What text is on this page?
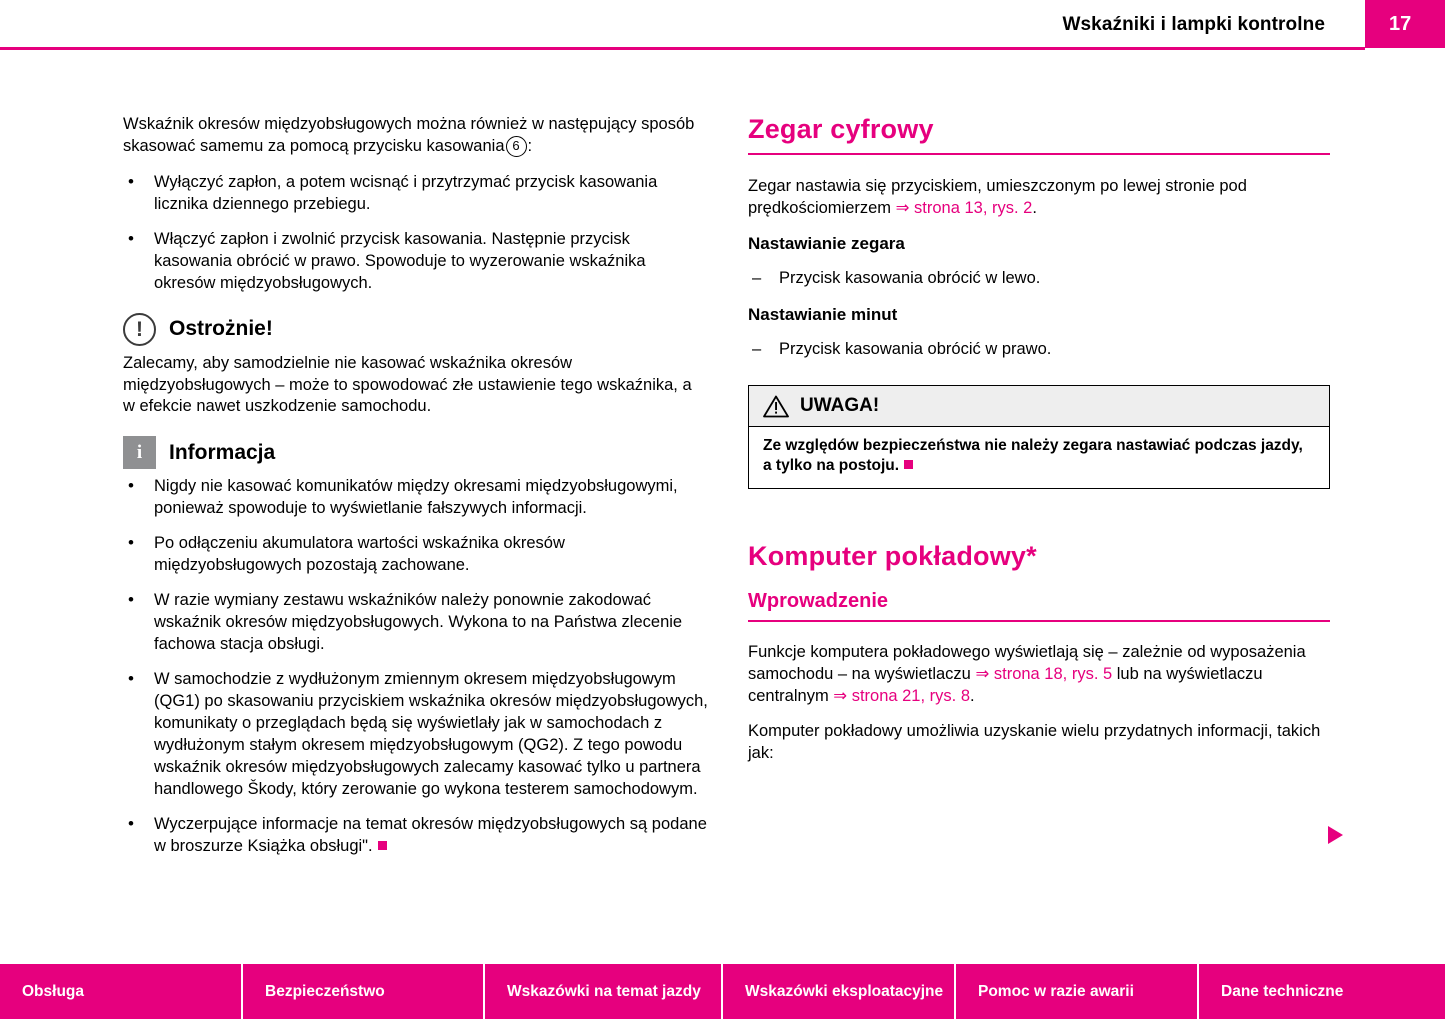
Wskaźniki i lampki kontrolne	17

Wskaźnik okresów międzyobsługowych można również w następujący sposób skasować samemu za pomocą przycisku kasowania 6 :

• Wyłączyć zapłon, a potem wcisnąć i przytrzymać przycisk kasowania licznika dziennego przebiegu.
• Włączyć zapłon i zwolnić przycisk kasowania. Następnie przycisk kasowania obrócić w prawo. Spowoduje to wyzerowanie wskaźnika okresów międzyobsługowych.
!	Ostrożnie!

Zalecamy, aby samodzielnie nie kasować wskaźnika okresów międzyobsługowych – może to spowodować złe ustawienie tego wskaźnika, a w efekcie nawet uszkodzenie samochodu.

i	Informacja
• Nigdy nie kasować komunikatów między okresami międzyobsługowymi, ponieważ spowoduje to wyświetlanie fałszywych informacji.
• Po odłączeniu akumulatora wartości wskaźnika okresów międzyobsługowych pozostają zachowane.
• W razie wymiany zestawu wskaźników należy ponownie zakodować wskaźnik okresów międzyobsługowych. Wykona to na Państwa zlecenie fachowa stacja obsługi.
• W samochodzie z wydłużonym zmiennym okresem międzyobsługowym (QG1) po skasowaniu przyciskiem wskaźnika okresów międzyobsługowych, komunikaty o przeglądach będą się wyświetlały jak w samochodach z wydłużonym stałym okresem międzyobsługowym (QG2). Z tego powodu wskaźnik okresów międzyobsługowych zalecamy kasować tylko u partnera handlowego Škody, który zerowanie go wykona testerem samochodowym.
• Wyczerpujące informacje na temat okresów międzyobsługowych są podane w broszurze Książka obsługi".
Zegar cyfrowy

Zegar nastawia się przyciskiem, umieszczonym po lewej stronie pod prędkościomierzem ⇒ strona 13, rys. 2.

Nastawianie zegara
– Przycisk kasowania obrócić w lewo.
Nastawianie minut
– Przycisk kasowania obrócić w prawo.
UWAGA!
Ze względów bezpieczeństwa nie należy zegara nastawiać podczas jazdy, a tylko na postoju.
Komputer pokładowy*
Wprowadzenie

Funkcje komputera pokładowego wyświetlają się – zależnie od wyposażenia samochodu – na wyświetlaczu ⇒ strona 18, rys. 5 lub na wyświetlaczu centralnym ⇒ strona 21, rys. 8.

Komputer pokładowy umożliwia uzyskanie wielu przydatnych informacji, takich jak:

Obsługa	Bezpieczeństwo	Wskazówki na temat jazdy	Wskazówki eksploatacyjne	Pomoc w razie awarii	Dane techniczne
